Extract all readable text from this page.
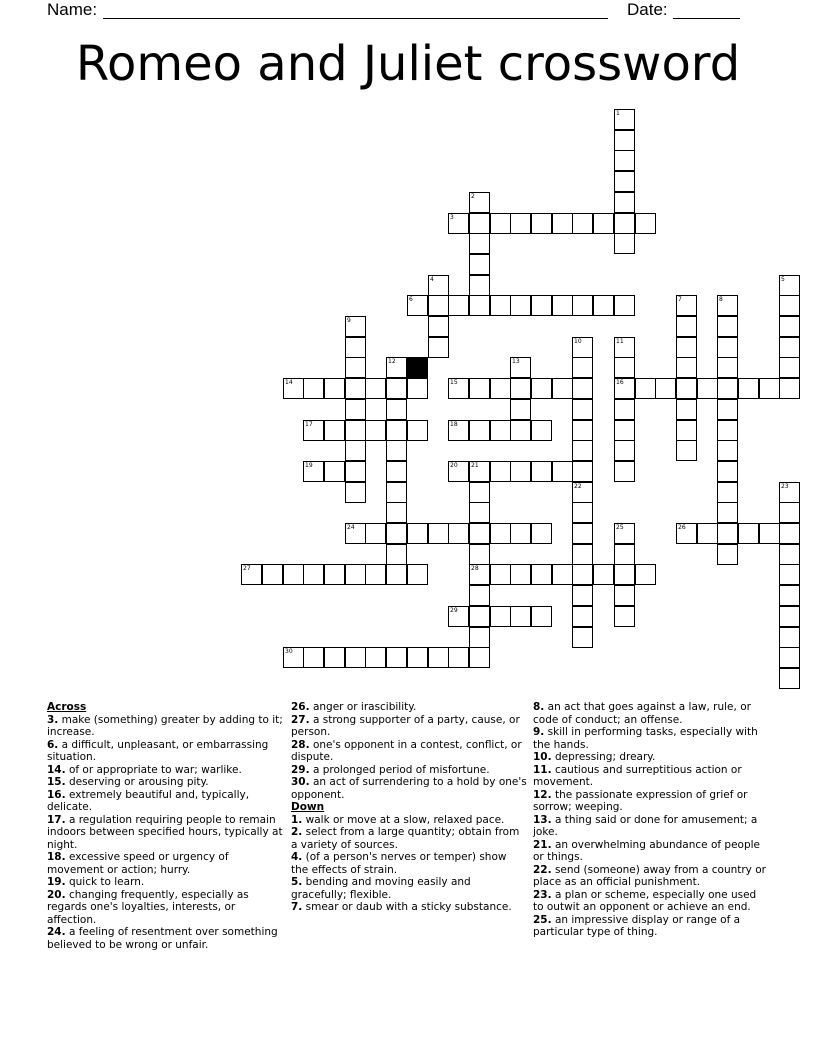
Name:	Date:
Romeo and Juliet crossword
1
2
3
4	5
6	7	8
9
10	11
16
12	13
14	15
17	18
19	20 21
28
22	23
24	25	26
27
29
30
Across
3. make (something) greater by adding to it; increase.
6. a difficult, unpleasant, or embarrassing situation.
14. of or appropriate to war; warlike.
15. deserving or arousing pity.
16. extremely beautiful and, typically, delicate.
17. a regulation requiring people to remain indoors between specified hours, typically at night.
18. excessive speed or urgency of movement or action; hurry.
19. quick to learn.
20. changing frequently, especially as regards one's loyalties, interests, or affection.
24. a feeling of resentment over something believed to be wrong or unfair.
26. anger or irascibility.
27. a strong supporter of a party, cause, or person.
28. one's opponent in a contest, conflict, or dispute.
29. a prolonged period of misfortune.
30. an act of surrendering to a hold by one's opponent.
Down
1. walk or move at a slow, relaxed pace.
2. select from a large quantity; obtain from a variety of sources.
4. (of a person's nerves or temper) show the effects of strain.
5. bending and moving easily and gracefully; flexible.
7. smear or daub with a sticky substance.
8. an act that goes against a law, rule, or code of conduct; an offense.
9. skill in performing tasks, especially with the hands.
10. depressing; dreary.
11. cautious and surreptitious action or movement.
12. the passionate expression of grief or sorrow; weeping.
13. a thing said or done for amusement; a joke.
21. an overwhelming abundance of people or things.
22. send (someone) away from a country or place as an official punishment.
23. a plan or scheme, especially one used to outwit an opponent or achieve an end.
25. an impressive display or range of a particular type of thing.
